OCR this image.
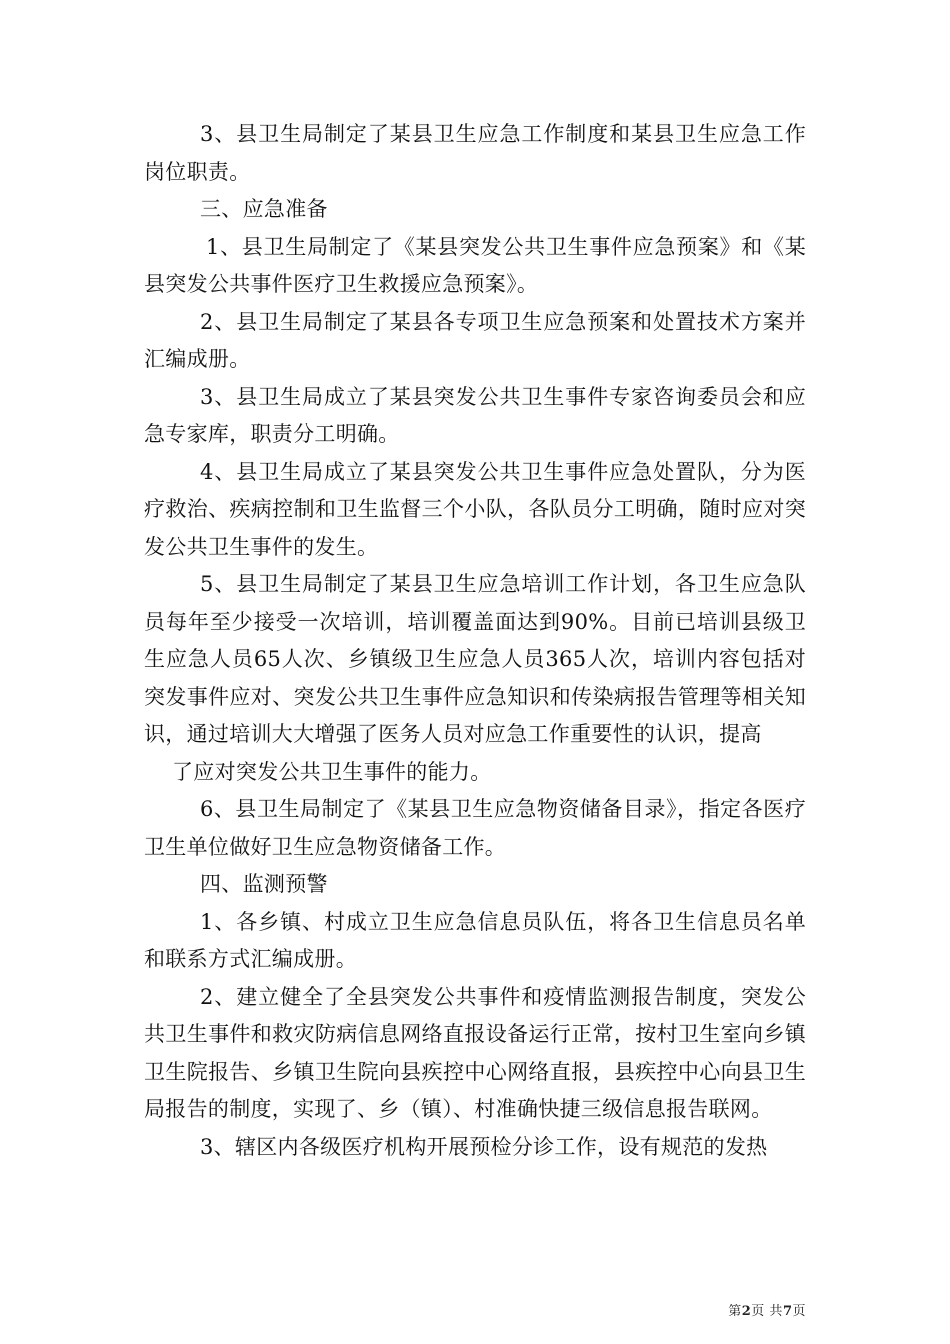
3、县卫生局制定了某县卫生应急工作制度和某县卫生应急工作岗位职责。

三、应急准备

1、县卫生局制定了《某县突发公共卫生事件应急预案》和《某县突发公共事件医疗卫生救援应急预案》。

2、县卫生局制定了某县各专项卫生应急预案和处置技术方案并汇编成册。

3、县卫生局成立了某县突发公共卫生事件专家咨询委员会和应急专家库，职责分工明确。

4、县卫生局成立了某县突发公共卫生事件应急处置队，分为医疗救治、疾病控制和卫生监督三个小队，各队员分工明确，随时应对突发公共卫生事件的发生。

5、县卫生局制定了某县卫生应急培训工作计划，各卫生应急队员每年至少接受一次培训，培训覆盖面达到90%。目前已培训县级卫生应急人员65人次、乡镇级卫生应急人员365人次，培训内容包括对突发事件应对、突发公共卫生事件应急知识和传染病报告管理等相关知识，通过培训大大增强了医务人员对应急工作重要性的认识，提高

了应对突发公共卫生事件的能力。

6、县卫生局制定了《某县卫生应急物资储备目录》，指定各医疗卫生单位做好卫生应急物资储备工作。

四、监测预警

1、各乡镇、村成立卫生应急信息员队伍，将各卫生信息员名单和联系方式汇编成册。

2、建立健全了全县突发公共事件和疫情监测报告制度，突发公共卫生事件和救灾防病信息网络直报设备运行正常，按村卫生室向乡镇卫生院报告、乡镇卫生院向县疾控中心网络直报，县疾控中心向县卫生局报告的制度，实现了、乡（镇）、村准确快捷三级信息报告联网。

3、辖区内各级医疗机构开展预检分诊工作，设有规范的发热

第2页 共7页
